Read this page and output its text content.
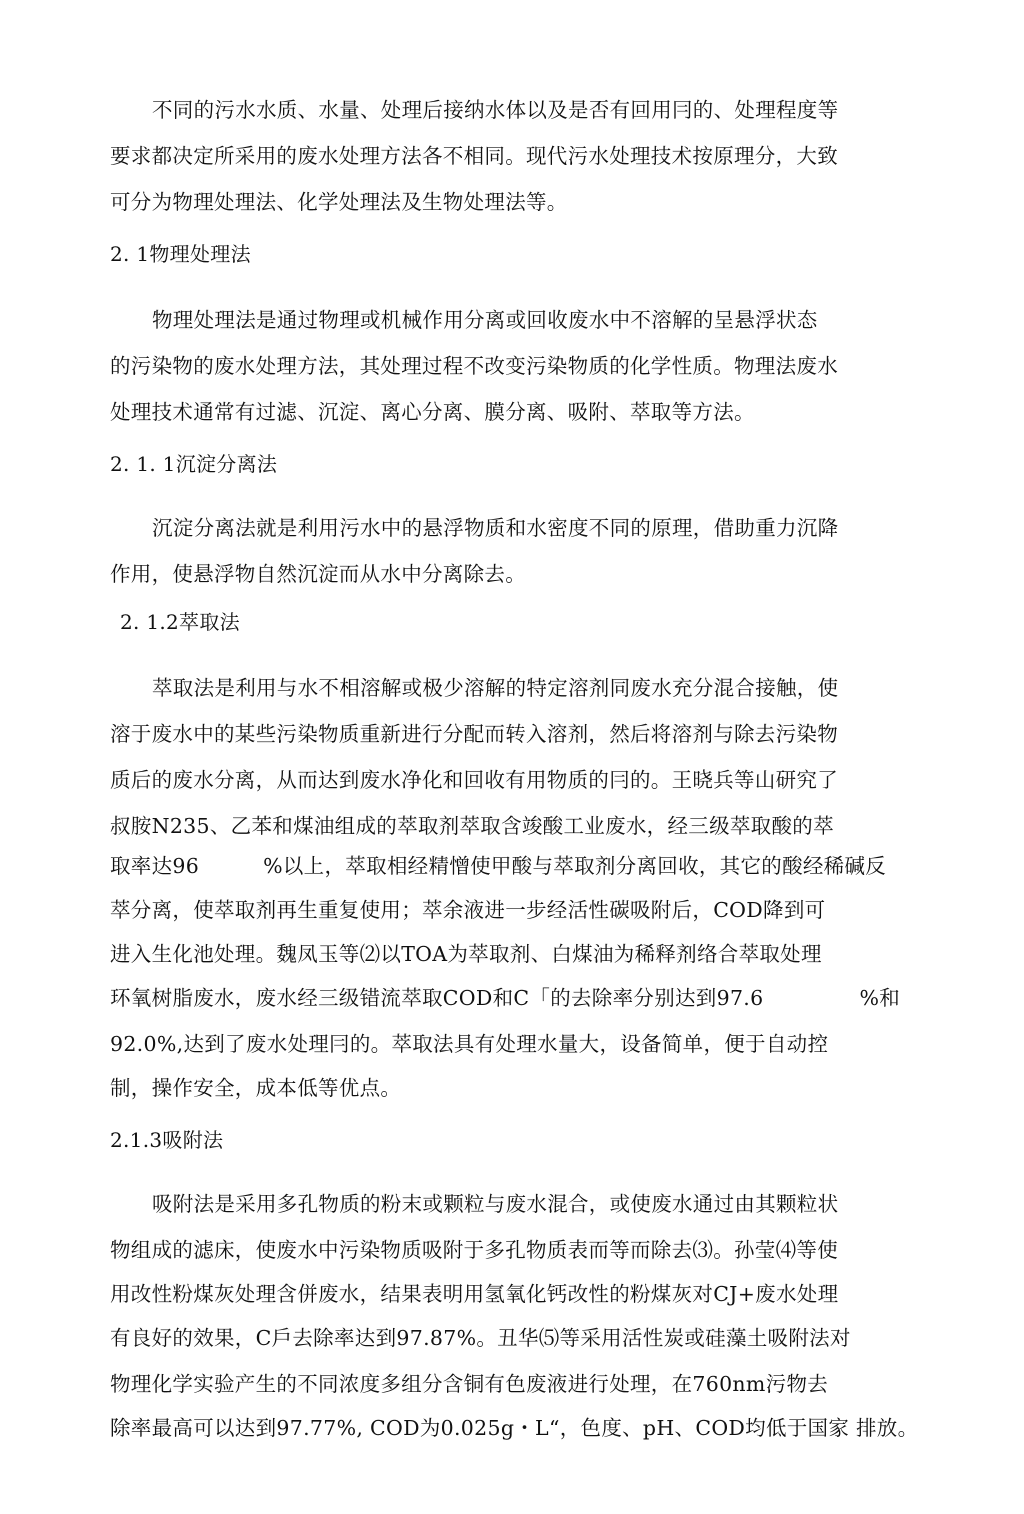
不同的污水水质、水量、处理后接纳水体以及是否有回用冃的、处理程度等
要求都决定所采用的废水处理方法各不相同。现代污水处理技术按原理分，大致
可分为物理处理法、化学处理法及生物处理法等。
2. 1物理处理法
物理处理法是通过物理或机械作用分离或回收废水中不溶解的呈悬浮状态
的污染物的废水处理方法，其处理过程不改变污染物质的化学性质。物理法废水
处理技术通常有过滤、沉淀、离心分离、膜分离、吸附、萃取等方法。
2. 1. 1沉淀分离法
沉淀分离法就是利用污水中的悬浮物质和水密度不同的原理，借助重力沉降
作用，使悬浮物自然沉淀而从水中分离除去。
2. 1.2萃取法
萃取法是利用与水不相溶解或极少溶解的特定溶剂同废水充分混合接触，使
溶于废水中的某些污染物质重新进行分配而转入溶剂，然后将溶剂与除去污染物
质后的废水分离，从而达到废水净化和回收有用物质的冃的。王晓兵等山研究了
叔胺N235、乙苯和煤油组成的萃取剂萃取含竣酸工业废水，经三级萃取酸的萃
取率达96	%以上，萃取相经精憎使甲酸与萃取剂分离回收，其它的酸经稀碱反
萃分离，使萃取剂再生重复使用；萃余液进一步经活性碳吸附后，COD降到可
进入生化池处理。魏凤玉等⑵以TOA为萃取剂、白煤油为稀释剂络合萃取处理
环氧树脂废水，废水经三级错流萃取COD和C「的去除率分别达到97.6	%和
92.0%,达到了废水处理冃的。萃取法具有处理水量大，设备简单，便于自动控
制，操作安全，成本低等优点。
2.1.3吸附法
吸附法是采用多孔物质的粉末或颗粒与废水混合，或使废水通过由其颗粒状
物组成的滤床，使废水中污染物质吸附于多孔物质表而等而除去⑶。孙莹⑷等使
用改性粉煤灰处理含併废水，结果表明用氢氧化钙改性的粉煤灰对CJ+废水处理
有良好的效果，C戶去除率达到97.87%。丑华⑸等采用活性炭或硅藻土吸附法对
物理化学实验产生的不同浓度多组分含铜有色废液进行处理，在760nm污物去
除率最高可以达到97.77%, COD为0.025g・L“，色度、pH、COD均低于国家 排放。
